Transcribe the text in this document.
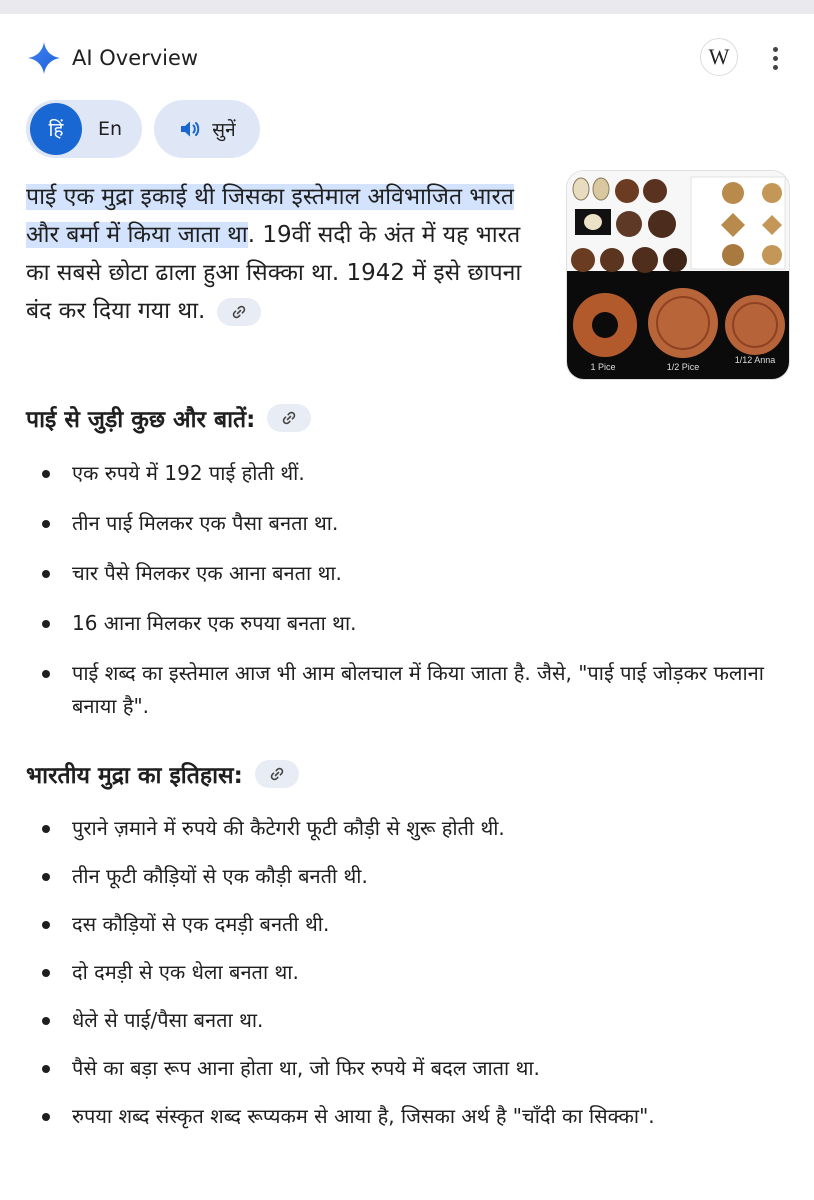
AI Overview	W
हिं	En	सुनें

पाई एक मुद्रा इकाई थी जिसका इस्तेमाल अविभाजित भारत और बर्मा में किया जाता था. 19वीं सदी के अंत में यह भारत का सबसे छोटा ढाला हुआ सिक्का था. 1942 में इसे छापना बंद कर दिया गया था.

1 Pice	1/2 Pice
1/12 Anna
पाई से जुड़ी कुछ और बातें:
एक रुपये में 192 पाई होती थीं.
तीन पाई मिलकर एक पैसा बनता था.
चार पैसे मिलकर एक आना बनता था.
16 आना मिलकर एक रुपया बनता था.
पाई शब्द का इस्तेमाल आज भी आम बोलचाल में किया जाता है. जैसे, "पाई पाई जोड़कर फलाना बनाया है".
भारतीय मुद्रा का इतिहास:
पुराने ज़माने में रुपये की कैटेगरी फूटी कौड़ी से शुरू होती थी.
तीन फूटी कौड़ियों से एक कौड़ी बनती थी.
दस कौड़ियों से एक दमड़ी बनती थी.
दो दमड़ी से एक धेला बनता था.
धेले से पाई/पैसा बनता था.
पैसे का बड़ा रूप आना होता था, जो फिर रुपये में बदल जाता था.
रुपया शब्द संस्कृत शब्द रूप्यकम से आया है, जिसका अर्थ है "चाँदी का सिक्का".
